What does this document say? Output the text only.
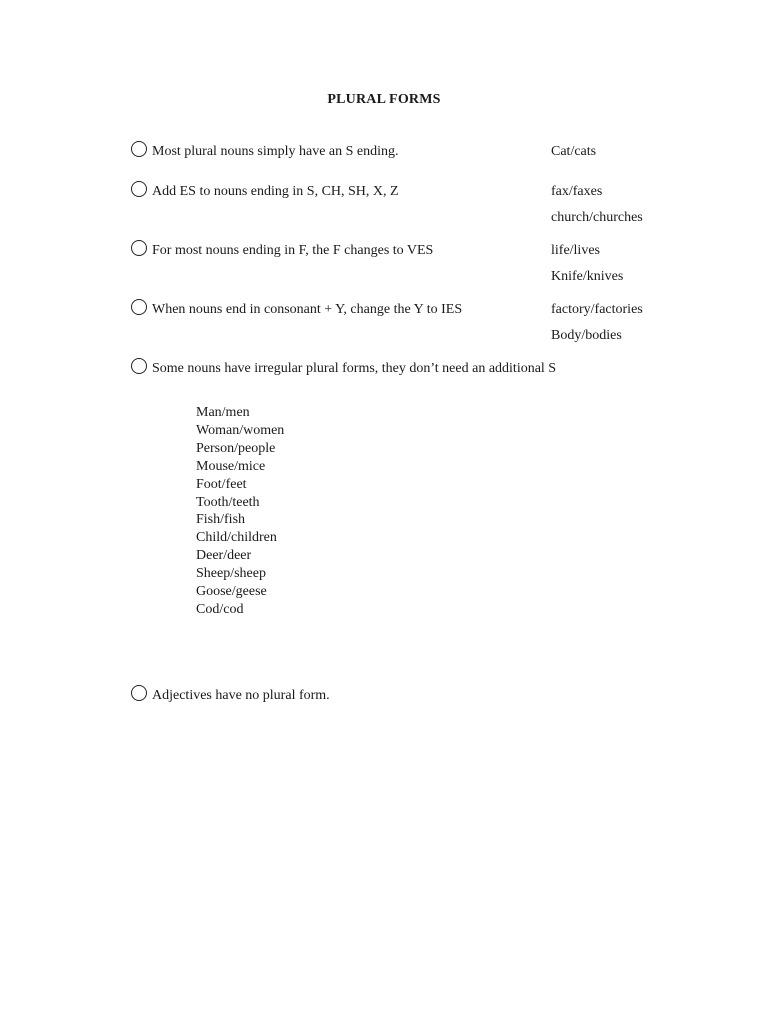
PLURAL FORMS
Most plural nouns simply have an S ending.	Cat/cats
Add ES to nouns ending in S, CH, SH, X, Z	fax/faxes
church/churches
For most nouns ending in F, the F changes to VES	life/lives
Knife/knives
When nouns end in consonant + Y, change the Y to IES	factory/factories
Body/bodies
Some nouns have irregular plural forms, they don’t need an additional S
Man/men
Woman/women
Person/people
Mouse/mice
Foot/feet
Tooth/teeth
Fish/fish
Child/children
Deer/deer
Sheep/sheep
Goose/geese
Cod/cod
Adjectives have no plural form.
